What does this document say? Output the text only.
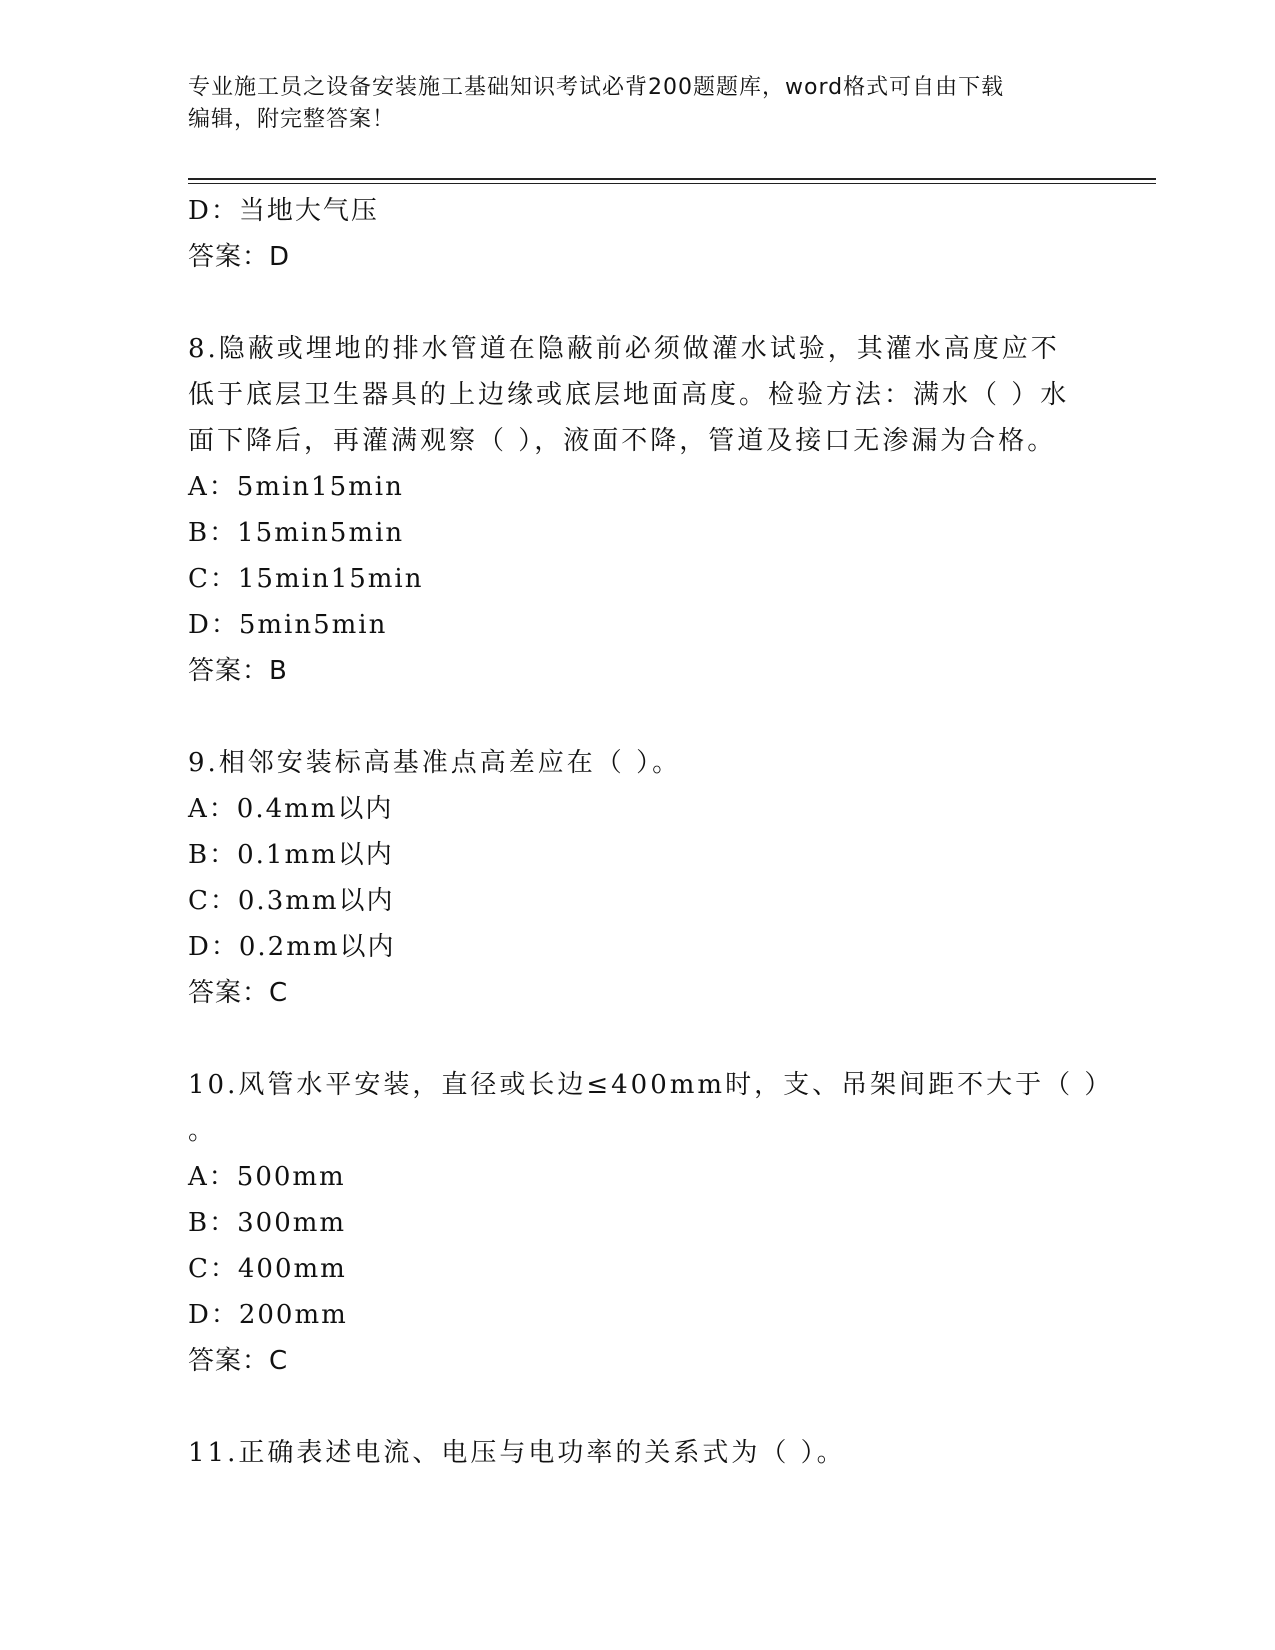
专业施工员之设备安装施工基础知识考试必背200题题库，word格式可自由下载
编辑，附完整答案！
D：当地大气压
答案：D
8.隐蔽或埋地的排水管道在隐蔽前必须做灌水试验，其灌水高度应不
低于底层卫生器具的上边缘或底层地面高度。检验方法：满水（ ）水
面下降后，再灌满观察（ ），液面不降，管道及接口无渗漏为合格。
A：5min15min
B：15min5min
C：15min15min
D：5min5min
答案：B
9.相邻安装标高基准点高差应在（ ）。
A：0.4mm以内
B：0.1mm以内
C：0.3mm以内
D：0.2mm以内
答案：C
10.风管水平安装，直径或长边≤400mm时，支、吊架间距不大于（ ）
。
A：500mm
B：300mm
C：400mm
D：200mm
答案：C
11.正确表述电流、电压与电功率的关系式为（ ）。
